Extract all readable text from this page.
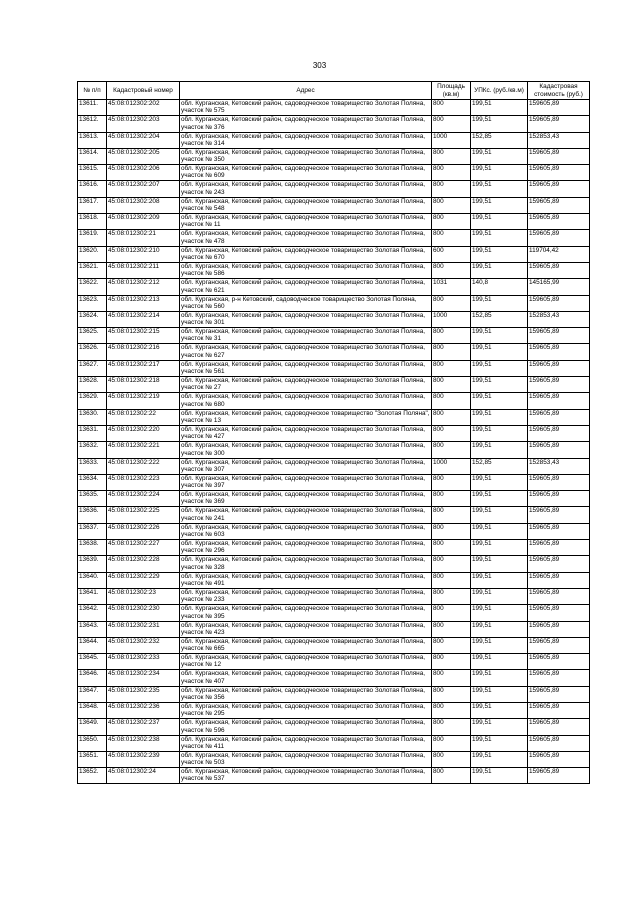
303
№ п/п	Кадастровый номер	Адрес	Площадь (кв.м)	УПКс. (руб./кв.м)	Кадастровая стоимость (руб.)
13611.	45:08:012302:202	обл. Курганская, Кетовский район, садоводческое товарищество Золотая Поляна, участок № 575	800	199,51	159605,89
13612.	45:08:012302:203	обл. Курганская, Кетовский район, садоводческое товарищество Золотая Поляна, участок № 376	800	199,51	159605,89
13613.	45:08:012302:204	обл. Курганская, Кетовский район, садоводческое товарищество Золотая Поляна, участок № 314	1000	152,85	152853,43
13614.	45:08:012302:205	обл. Курганская, Кетовский район, садоводческое товарищество Золотая Поляна, участок № 350	800	199,51	159605,89
13615.	45:08:012302:206	обл. Курганская, Кетовский район, садоводческое товарищество Золотая Поляна, участок № 609	800	199,51	159605,89
13616.	45:08:012302:207	обл. Курганская, Кетовский район, садоводческое товарищество Золотая Поляна, участок № 243	800	199,51	159605,89
13617.	45:08:012302:208	обл. Курганская, Кетовский район, садоводческое товарищество Золотая Поляна, участок № 548	800	199,51	159605,89
13618.	45:08:012302:209	обл. Курганская, Кетовский район, садоводческое товарищество Золотая Поляна, участок № 11	800	199,51	159605,89
13619.	45:08:012302:21	обл. Курганская, Кетовский район, садоводческое товарищество Золотая Поляна, участок № 478	800	199,51	159605,89
13620.	45:08:012302:210	обл. Курганская, Кетовский район, садоводческое товарищество Золотая Поляна, участок № 670	600	199,51	119704,42
13621.	45:08:012302:211	обл. Курганская, Кетовский район, садоводческое товарищество Золотая Поляна, участок № 586	800	199,51	159605,89
13622.	45:08:012302:212	обл. Курганская, Кетовский район, садоводческое товарищество Золотая Поляна, участок № 621	1031	140,8	145165,99
13623.	45:08:012302:213	обл. Курганская, р-н Кетовский, садоводческое товарищество Золотая Поляна, участок № 560	800	199,51	159605,89
13624.	45:08:012302:214	обл. Курганская, Кетовский район, садоводческое товарищество Золотая Поляна, участок № 301	1000	152,85	152853,43
13625.	45:08:012302:215	обл. Курганская, Кетовский район, садоводческое товарищество Золотая Поляна, участок № 31	800	199,51	159605,89
13626.	45:08:012302:216	обл. Курганская, Кетовский район, садоводческое товарищество Золотая Поляна, участок № 627	800	199,51	159605,89
13627.	45:08:012302:217	обл. Курганская, Кетовский район, садоводческое товарищество Золотая Поляна, участок № 561	800	199,51	159605,89
13628.	45:08:012302:218	обл. Курганская, Кетовский район, садоводческое товарищество Золотая Поляна, участок № 27	800	199,51	159605,89
13629.	45:08:012302:219	обл. Курганская, Кетовский район, садоводческое товарищество Золотая Поляна, участок № 680	800	199,51	159605,89
13630.	45:08:012302:22	обл. Курганская, Кетовский район, садоводческое товарищество "Золотая Поляна", участок № 13	800	199,51	159605,89
13631.	45:08:012302:220	обл. Курганская, Кетовский район, садоводческое товарищество Золотая Поляна, участок № 427	800	199,51	159605,89
13632.	45:08:012302:221	обл. Курганская, Кетовский район, садоводческое товарищество Золотая Поляна, участок № 300	800	199,51	159605,89
13633.	45:08:012302:222	обл. Курганская, Кетовский район, садоводческое товарищество Золотая Поляна, участок № 307	1000	152,85	152853,43
13634.	45:08:012302:223	обл. Курганская, Кетовский район, садоводческое товарищество Золотая Поляна, участок № 397	800	199,51	159605,89
13635.	45:08:012302:224	обл. Курганская, Кетовский район, садоводческое товарищество Золотая Поляна, участок № 369	800	199,51	159605,89
13636.	45:08:012302:225	обл. Курганская, Кетовский район, садоводческое товарищество Золотая Поляна, участок № 241	800	199,51	159605,89
13637.	45:08:012302:226	обл. Курганская, Кетовский район, садоводческое товарищество Золотая Поляна, участок № 603	800	199,51	159605,89
13638.	45:08:012302:227	обл. Курганская, Кетовский район, садоводческое товарищество Золотая Поляна, участок № 296	800	199,51	159605,89
13639.	45:08:012302:228	обл. Курганская, Кетовский район, садоводческое товарищество Золотая Поляна, участок № 328	800	199,51	159605,89
13640.	45:08:012302:229	обл. Курганская, Кетовский район, садоводческое товарищество Золотая Поляна, участок № 491	800	199,51	159605,89
13641.	45:08:012302:23	обл. Курганская, Кетовский район, садоводческое товарищество Золотая Поляна, участок № 233	800	199,51	159605,89
13642.	45:08:012302:230	обл. Курганская, Кетовский район, садоводческое товарищество Золотая Поляна, участок № 395	800	199,51	159605,89
13643.	45:08:012302:231	обл. Курганская, Кетовский район, садоводческое товарищество Золотая Поляна, участок № 423	800	199,51	159605,89
13644.	45:08:012302:232	обл. Курганская, Кетовский район, садоводческое товарищество Золотая Поляна, участок № 665	800	199,51	159605,89
13645.	45:08:012302:233	обл. Курганская, Кетовский район, садоводческое товарищество Золотая Поляна, участок № 12	800	199,51	159605,89
13646.	45:08:012302:234	обл. Курганская, Кетовский район, садоводческое товарищество Золотая Поляна, участок № 407	800	199,51	159605,89
13647.	45:08:012302:235	обл. Курганская, Кетовский район, садоводческое товарищество Золотая Поляна, участок № 356	800	199,51	159605,89
13648.	45:08:012302:236	обл. Курганская, Кетовский район, садоводческое товарищество Золотая Поляна, участок № 295	800	199,51	159605,89
13649.	45:08:012302:237	обл. Курганская, Кетовский район, садоводческое товарищество Золотая Поляна, участок № 596	800	199,51	159605,89
13650.	45:08:012302:238	обл. Курганская, Кетовский район, садоводческое товарищество Золотая Поляна, участок № 411	800	199,51	159605,89
13651.	45:08:012302:239	обл. Курганская, Кетовский район, садоводческое товарищество Золотая Поляна, участок № 503	800	199,51	159605,89
13652.	45:08:012302:24	обл. Курганская, Кетовский район, садоводческое товарищество Золотая Поляна, участок № 537	800	199,51	159605,89
